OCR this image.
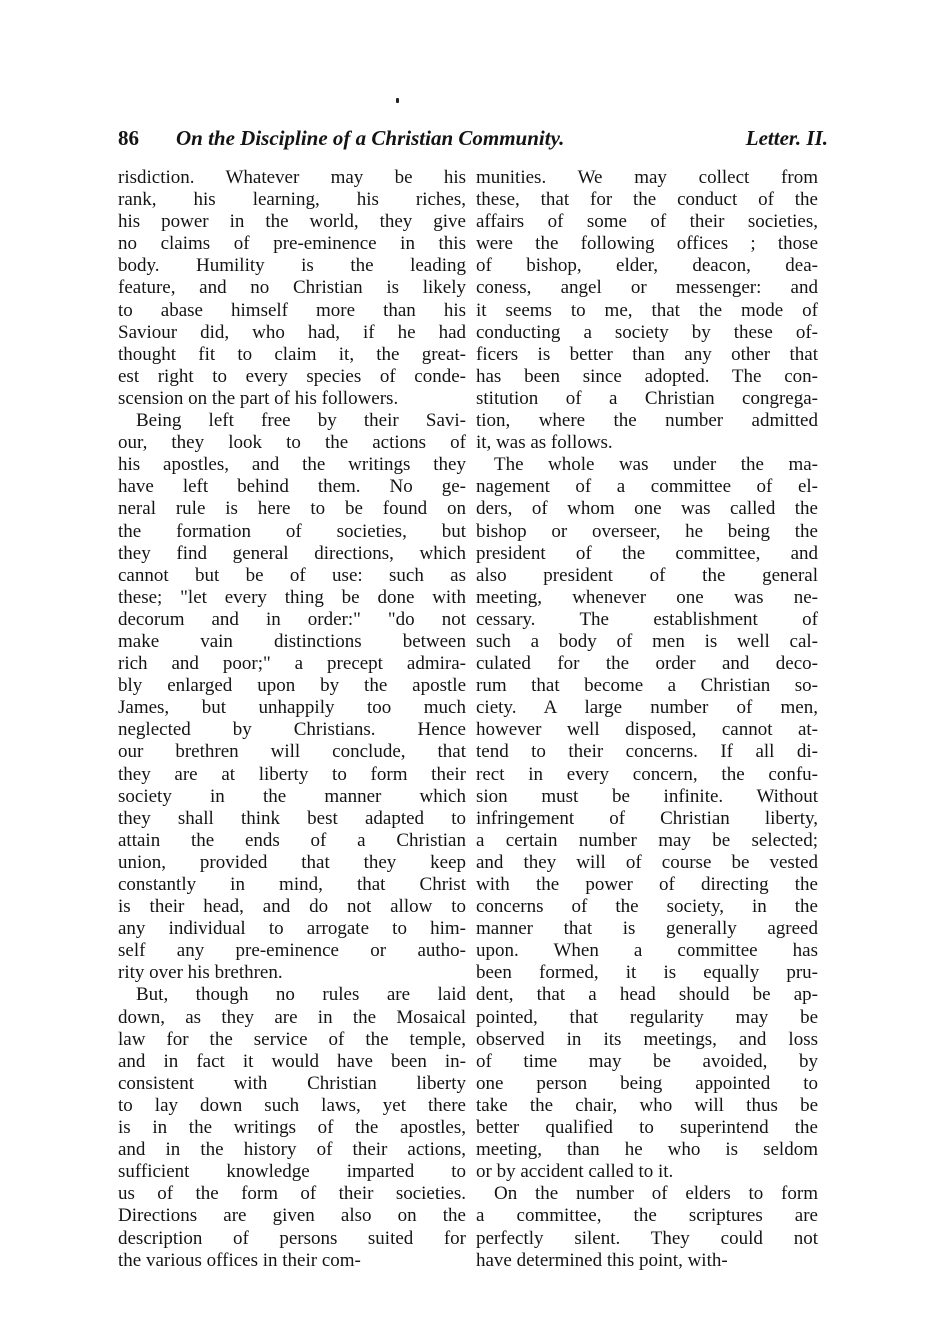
86 On the Discipline of a Christian Community.	Letter. II.
risdiction. Whatever may be his
rank, his learning, his riches,
his power in the world, they give
no claims of pre-eminence in this
body. Humility is the leading
feature, and no Christian is likely
to abase himself more than his
Saviour did, who had, if he had
thought fit to claim it, the great-
est right to every species of conde-
scension on the part of his followers.
Being left free by their Savi-
our, they look to the actions of
his apostles, and the writings they
have left behind them. No ge-
neral rule is here to be found on
the formation of societies, but
they find general directions, which
cannot but be of use: such as
these; "let every thing be done with
decorum and in order:" "do not
make vain distinctions between
rich and poor;" a precept admira-
bly enlarged upon by the apostle
James, but unhappily too much
neglected by Christians. Hence
our brethren will conclude, that
they are at liberty to form their
society in the manner which
they shall think best adapted to
attain the ends of a Christian
union, provided that they keep
constantly in mind, that Christ
is their head, and do not allow to
any individual to arrogate to him-
self any pre-eminence or autho-
rity over his brethren.
But, though no rules are laid
down, as they are in the Mosaical
law for the service of the temple,
and in fact it would have been in-
consistent with Christian liberty
to lay down such laws, yet there
is in the writings of the apostles,
and in the history of their actions,
sufficient knowledge imparted to
us of the form of their societies.
Directions are given also on the
description of persons suited for
the various offices in their com-
munities. We may collect from
these, that for the conduct of the
affairs of some of their societies,
were the following offices ; those
of bishop, elder, deacon, dea-
coness, angel or messenger: and
it seems to me, that the mode of
conducting a society by these of-
ficers is better than any other that
has been since adopted. The con-
stitution of a Christian congrega-
tion, where the number admitted
it, was as follows.
The whole was under the ma-
nagement of a committee of el-
ders, of whom one was called the
bishop or overseer, he being the
president of the committee, and
also president of the general
meeting, whenever one was ne-
cessary. The establishment of
such a body of men is well cal-
culated for the order and deco-
rum that become a Christian so-
ciety. A large number of men,
however well disposed, cannot at-
tend to their concerns. If all di-
rect in every concern, the confu-
sion must be infinite. Without
infringement of Christian liberty,
a certain number may be selected;
and they will of course be vested
with the power of directing the
concerns of the society, in the
manner that is generally agreed
upon. When a committee has
been formed, it is equally pru-
dent, that a head should be ap-
pointed, that regularity may be
observed in its meetings, and loss
of time may be avoided, by
one person being appointed to
take the chair, who will thus be
better qualified to superintend the
meeting, than he who is seldom
or by accident called to it.
On the number of elders to form
a committee, the scriptures are
perfectly silent. They could not
have determined this point, with-
